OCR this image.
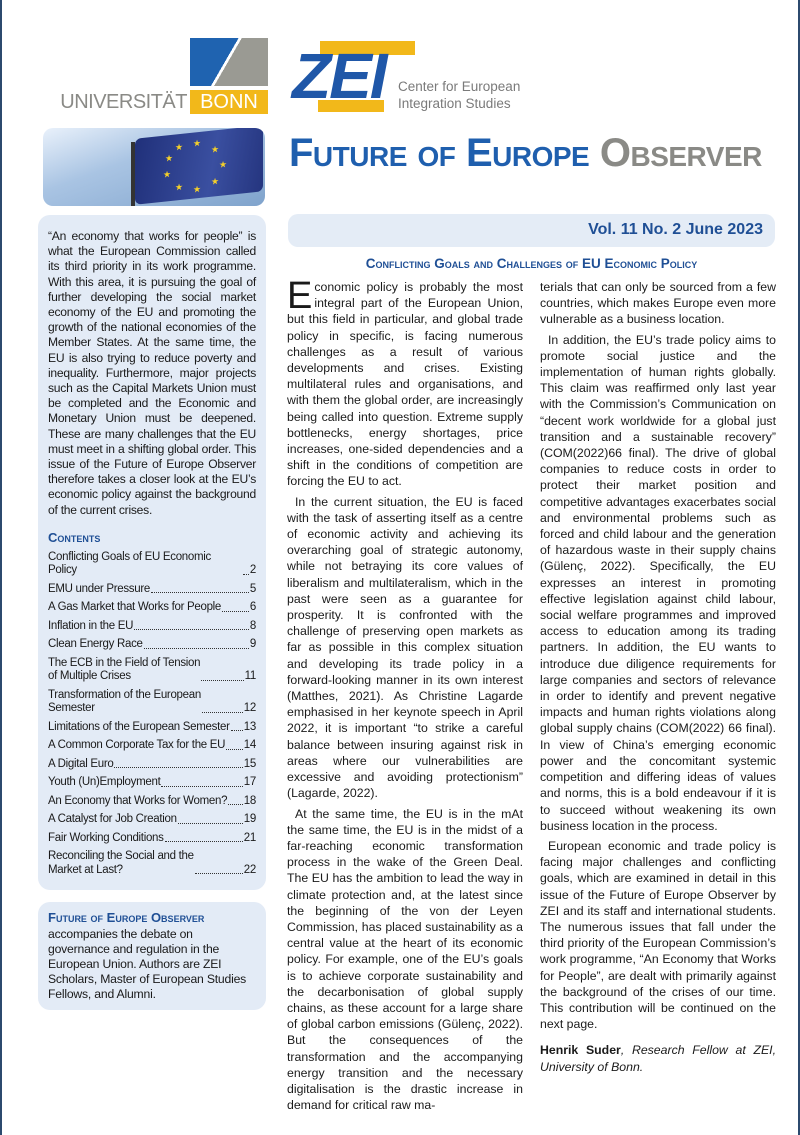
UNIVERSITÄT BONN ZEI Center for European
Integration Studies
★ ★
★
★
★
★
★
★
★	Future of Europe Observer
Vol. 11 No. 2 June 2023

“An economy that works for people” is what the European Commission called its third priority in its work programme. With this area, it is pursuing the goal of further developing the social market economy of the EU and promoting the growth of the national economies of the Member States. At the same time, the EU is also trying to reduce poverty and inequality. Furthermore, major projects such as the Capital Markets Union must be completed and the Economic and Monetary Union must be deepened. These are many challenges that the EU must meet in a shifting global order. This issue of the Future of Europe Observer therefore takes a closer look at the EU’s economic policy against the background of the current crises.

Contents
Conflicting Goals of EU Economic Policy	2
EMU under Pressure	5
A Gas Market that Works for People	6
Inflation in the EU	8
Clean Energy Race	9
The ECB in the Field of Tension
of Multiple Crises	11
Transformation of the European
Semester	12
Limitations of the European Semester 13
A Common Corporate Tax for the EU 14
A Digital Euro	15
Youth (Un)Employment	17
An Economy that Works for Women? 18
A Catalyst for Job Creation	19
Fair Working Conditions	21
Reconciling the Social and the
Market at Last?	22
Future of Europe Observer

accompanies the debate on governance and regulation in the European Union. Authors are ZEI Scholars, Master of European Studies Fellows, and Alumni.

Conflicting Goals and Challenges of EU Economic Policy

Economic policy is probably the most integral part of the European Union, but this field in particular, and global trade policy in specific, is facing numerous challenges as a result of various developments and crises. Existing multilateral rules and organisations, and with them the global order, are increasingly being called into question. Extreme supply bottlenecks, energy shortages, price increases, one-sided dependencies and a shift in the conditions of competition are forcing the EU to act.

In the current situation, the EU is faced with the task of asserting itself as a centre of economic activity and achieving its overarching goal of strategic autonomy, while not betraying its core values of liberalism and multilateralism, which in the past were seen as a guarantee for prosperity. It is confronted with the challenge of preserving open markets as far as possible in this complex situation and developing its trade policy in a forward-looking manner in its own interest (Matthes, 2021). As Christine Lagarde emphasised in her keynote speech in April 2022, it is important “to strike a careful balance between insuring against risk in areas where our vulnerabilities are excessive and avoiding protectionism” (Lagarde, 2022).

At the same time, the EU is in the mAt the same time, the EU is in the midst of a far-reaching economic transformation process in the wake of the Green Deal. The EU has the ambition to lead the way in climate protection and, at the latest since the beginning of the von der Leyen Commission, has placed sustainability as a central value at the heart of its economic policy. For example, one of the EU’s goals is to achieve corporate sustainability and the decarbonisation of global supply chains, as these account for a large share of global carbon emissions (Gülenç, 2022). But the consequences of the transformation and the accompanying energy transition and the necessary digitalisation is the drastic increase in demand for critical raw ma-

terials that can only be sourced from a few countries, which makes Europe even more vulnerable as a business location.

In addition, the EU’s trade policy aims to promote social justice and the implementation of human rights globally. This claim was reaffirmed only last year with the Commission’s Communication on “decent work worldwide for a global just transition and a sustainable recovery” (COM(2022)66 final). The drive of global companies to reduce costs in order to protect their market position and competitive advantages exacerbates social and environmental problems such as forced and child labour and the generation of hazardous waste in their supply chains (Gülenç, 2022). Specifically, the EU expresses an interest in promoting effective legislation against child labour, social welfare programmes and improved access to education among its trading partners. In addition, the EU wants to introduce due diligence requirements for large companies and sectors of relevance in order to identify and prevent negative impacts and human rights violations along global supply chains (COM(2022) 66 final). In view of China’s emerging economic power and the concomitant systemic competition and differing ideas of values and norms, this is a bold endeavour if it is to succeed without weakening its own business location in the process.

European economic and trade policy is facing major challenges and conflicting goals, which are examined in detail in this issue of the Future of Europe Observer by ZEI and its staff and international students. The numerous issues that fall under the third priority of the European Commission’s work programme, “An Economy that Works for People”, are dealt with primarily against the background of the crises of our time. This contribution will be continued on the next page.

Henrik Suder, Research Fellow at ZEI, University of Bonn.
